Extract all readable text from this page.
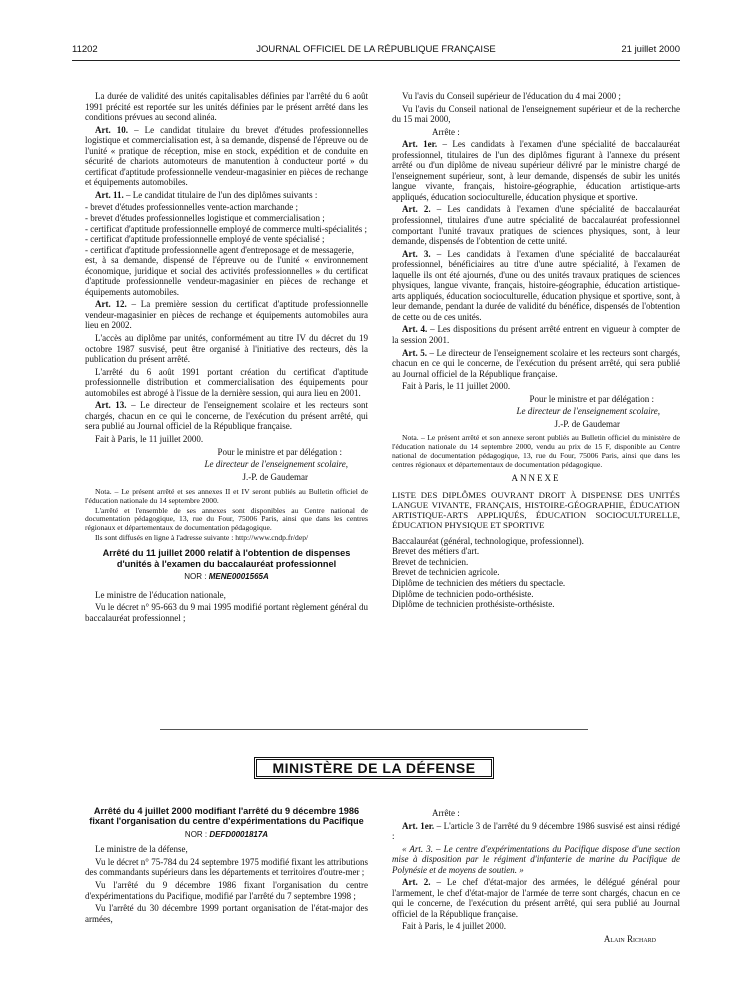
11202	JOURNAL OFFICIEL DE LA RÉPUBLIQUE FRANÇAISE	21 juillet 2000

La durée de validité des unités capitalisables définies par l'arrêté du 6 août 1991 précité est reportée sur les unités définies par le présent arrêté dans les conditions prévues au second alinéa.

Art. 10. – Le candidat titulaire du brevet d'études professionnelles logistique et commercialisation est, à sa demande, dispensé de l'épreuve ou de l'unité « pratique de réception, mise en stock, expédition et de conduite en sécurité de chariots automoteurs de manutention à conducteur porté » du certificat d'aptitude professionnelle vendeur-magasinier en pièces de rechange et équipements automobiles.

Art. 11. – Le candidat titulaire de l'un des diplômes suivants :

- brevet d'études professionnelles vente-action marchande ;

- brevet d'études professionnelles logistique et commercialisation ;

- certificat d'aptitude professionnelle employé de commerce multi-spécialités ;

- certificat d'aptitude professionnelle employé de vente spécialisé ;

- certificat d'aptitude professionnelle agent d'entreposage et de messagerie,

est, à sa demande, dispensé de l'épreuve ou de l'unité « environnement économique, juridique et social des activités professionnelles » du certificat d'aptitude professionnelle vendeur-magasinier en pièces de rechange et équipements automobiles.

Art. 12. – La première session du certificat d'aptitude professionnelle vendeur-magasinier en pièces de rechange et équipements automobiles aura lieu en 2002.

L'accès au diplôme par unités, conformément au titre IV du décret du 19 octobre 1987 susvisé, peut être organisé à l'initiative des recteurs, dès la publication du présent arrêté.

L'arrêté du 6 août 1991 portant création du certificat d'aptitude professionnelle distribution et commercialisation des équipements pour automobiles est abrogé à l'issue de la dernière session, qui aura lieu en 2001.

Art. 13. – Le directeur de l'enseignement scolaire et les recteurs sont chargés, chacun en ce qui le concerne, de l'exécution du présent arrêté, qui sera publié au Journal officiel de la République française.

Fait à Paris, le 11 juillet 2000.

Pour le ministre et par délégation :

Le directeur de l'enseignement scolaire,

J.-P. de Gaudemar

Nota. – Le présent arrêté et ses annexes II et IV seront publiés au Bulletin officiel de l'éducation nationale du 14 septembre 2000.

L'arrêté et l'ensemble de ses annexes sont disponibles au Centre national de documentation pédagogique, 13, rue du Four, 75006 Paris, ainsi que dans les centres régionaux et départementaux de documentation pédagogique.

Ils sont diffusés en ligne à l'adresse suivante : http://www.cndp.fr/dep/

Arrêté du 11 juillet 2000 relatif à l'obtention de dispenses d'unités à l'examen du baccalauréat professionnel
NOR : MENE0001565A

Le ministre de l'éducation nationale,

Vu le décret n° 95-663 du 9 mai 1995 modifié portant règlement général du baccalauréat professionnel ;

Vu l'avis du Conseil supérieur de l'éducation du 4 mai 2000 ;

Vu l'avis du Conseil national de l'enseignement supérieur et de la recherche du 15 mai 2000,

Arrête :

Art. 1er. – Les candidats à l'examen d'une spécialité de baccalauréat professionnel, titulaires de l'un des diplômes figurant à l'annexe du présent arrêté ou d'un diplôme de niveau supérieur délivré par le ministre chargé de l'enseignement supérieur, sont, à leur demande, dispensés de subir les unités langue vivante, français, histoire-géographie, éducation artistique-arts appliqués, éducation socioculturelle, éducation physique et sportive.

Art. 2. – Les candidats à l'examen d'une spécialité de baccalauréat professionnel, titulaires d'une autre spécialité de baccalauréat professionnel comportant l'unité travaux pratiques de sciences physiques, sont, à leur demande, dispensés de l'obtention de cette unité.

Art. 3. – Les candidats à l'examen d'une spécialité de baccalauréat professionnel, bénéficiaires au titre d'une autre spécialité, à l'examen de laquelle ils ont été ajournés, d'une ou des unités travaux pratiques de sciences physiques, langue vivante, français, histoire-géographie, éducation artistique-arts appliqués, éducation socioculturelle, éducation physique et sportive, sont, à leur demande, pendant la durée de validité du bénéfice, dispensés de l'obtention de cette ou de ces unités.

Art. 4. – Les dispositions du présent arrêté entrent en vigueur à compter de la session 2001.

Art. 5. – Le directeur de l'enseignement scolaire et les recteurs sont chargés, chacun en ce qui le concerne, de l'exécution du présent arrêté, qui sera publié au Journal officiel de la République française.

Fait à Paris, le 11 juillet 2000.

Pour le ministre et par délégation :

Le directeur de l'enseignement scolaire,

J.-P. de Gaudemar

Nota. – Le présent arrêté et son annexe seront publiés au Bulletin officiel du ministère de l'éducation nationale du 14 septembre 2000, vendu au prix de 15 F, disponible au Centre national de documentation pédagogique, 13, rue du Four, 75006 Paris, ainsi que dans les centres régionaux et départementaux de documentation pédagogique.

ANNEXE
LISTE DES DIPLÔMES OUVRANT DROIT À DISPENSE DES UNITÉS LANGUE VIVANTE, FRANÇAIS, HISTOIRE-GÉOGRAPHIE, ÉDUCATION ARTISTIQUE-ARTS APPLIQUÉS, ÉDUCATION SOCIOCULTURELLE, ÉDUCATION PHYSIQUE ET SPORTIVE

Baccalauréat (général, technologique, professionnel).

Brevet des métiers d'art.

Brevet de technicien.

Brevet de technicien agricole.

Diplôme de technicien des métiers du spectacle.

Diplôme de technicien podo-orthésiste.

Diplôme de technicien prothésiste-orthésiste.

MINISTÈRE DE LA DÉFENSE
Arrêté du 4 juillet 2000 modifiant l'arrêté du 9 décembre 1986 fixant l'organisation du centre d'expérimentations du Pacifique
NOR : DEFD0001817A

Le ministre de la défense,

Vu le décret n° 75-784 du 24 septembre 1975 modifié fixant les attributions des commandants supérieurs dans les départements et territoires d'outre-mer ;

Vu l'arrêté du 9 décembre 1986 fixant l'organisation du centre d'expérimentations du Pacifique, modifié par l'arrêté du 7 septembre 1998 ;

Vu l'arrêté du 30 décembre 1999 portant organisation de l'état-major des armées,

Arrête :

Art. 1er. – L'article 3 de l'arrêté du 9 décembre 1986 susvisé est ainsi rédigé :

« Art. 3. – Le centre d'expérimentations du Pacifique dispose d'une section mise à disposition par le régiment d'infanterie de marine du Pacifique de Polynésie et de moyens de soutien. »

Art. 2. – Le chef d'état-major des armées, le délégué général pour l'armement, le chef d'état-major de l'armée de terre sont chargés, chacun en ce qui le concerne, de l'exécution du présent arrêté, qui sera publié au Journal officiel de la République française.

Fait à Paris, le 4 juillet 2000.

Alain Richard
